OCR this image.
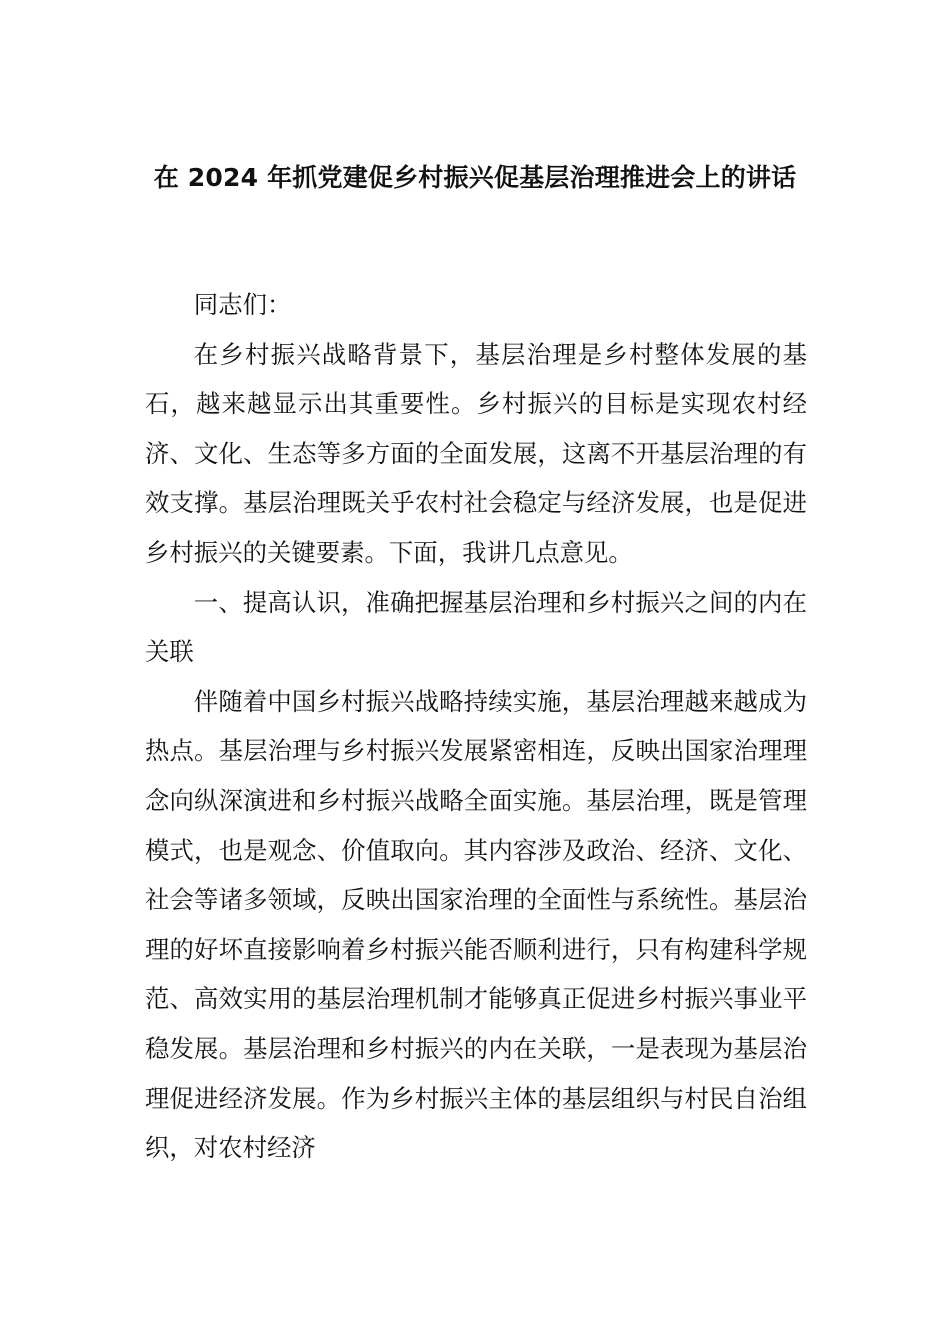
在 2024 年抓党建促乡村振兴促基层治理推进会上的讲话

同志们：

在乡村振兴战略背景下，基层治理是乡村整体发展的基石，越来越显示出其重要性。乡村振兴的目标是实现农村经济、文化、生态等多方面的全面发展，这离不开基层治理的有效支撑。基层治理既关乎农村社会稳定与经济发展，也是促进乡村振兴的关键要素。下面，我讲几点意见。

一、提高认识，准确把握基层治理和乡村振兴之间的内在关联

伴随着中国乡村振兴战略持续实施，基层治理越来越成为热点。基层治理与乡村振兴发展紧密相连，反映出国家治理理念向纵深演进和乡村振兴战略全面实施。基层治理，既是管理模式，也是观念、价值取向。其内容涉及政治、经济、文化、社会等诸多领域，反映出国家治理的全面性与系统性。基层治理的好坏直接影响着乡村振兴能否顺利进行，只有构建科学规范、高效实用的基层治理机制才能够真正促进乡村振兴事业平稳发展。基层治理和乡村振兴的内在关联，一是表现为基层治理促进经济发展。作为乡村振兴主体的基层组织与村民自治组织，对农村经济
